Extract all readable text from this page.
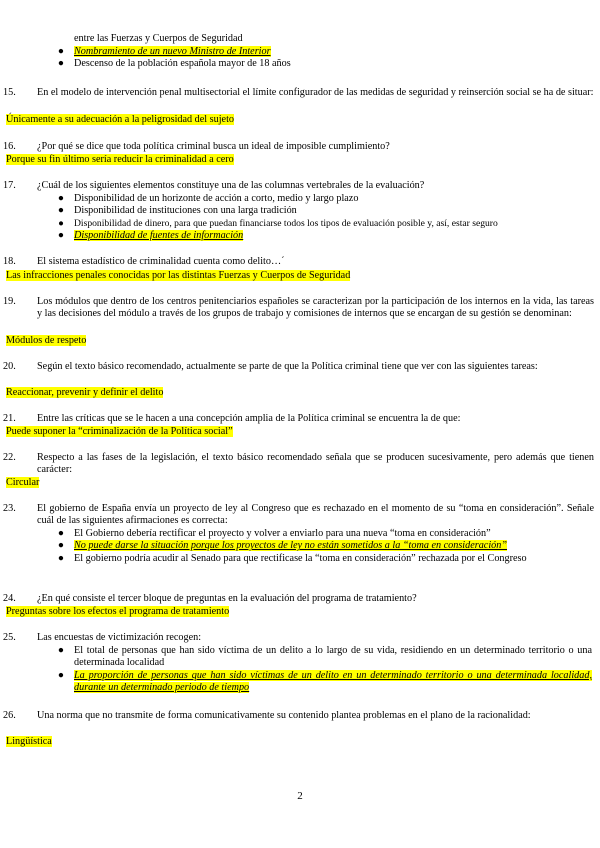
entre las Fuerzas y Cuerpos de Seguridad
● Nombramiento de un nuevo Ministro de Interior
● Descenso de la población española mayor de 18 años
15. En el modelo de intervención penal multisectorial el límite configurador de las medidas de seguridad y reinserción social se ha de situar:
Únicamente a su adecuación a la peligrosidad del sujeto
16. ¿Por qué se dice que toda política criminal busca un ideal de imposible cumplimiento?
Porque su fin último sería reducir la criminalidad a cero
17. ¿Cuál de los siguientes elementos constituye una de las columnas vertebrales de la evaluación?
● Disponibilidad de un horizonte de acción a corto, medio y largo plazo
● Disponibilidad de instituciones con una larga tradición
● Disponibilidad de dinero, para que puedan financiarse todos los tipos de evaluación posible y, así, estar seguro
● Disponibilidad de fuentes de información
18. El sistema estadístico de criminalidad cuenta como delito…´
Las infracciones penales conocidas por las distintas Fuerzas y Cuerpos de Seguridad
19. Los módulos que dentro de los centros penitenciarios españoles se caracterizan por la participación de los internos en la vida, las tareas y las decisiones del módulo a través de los grupos de trabajo y comisiones de internos que se encargan de su gestión se denominan:
Módulos de respeto
20. Según el texto básico recomendado, actualmente se parte de que la Política criminal tiene que ver con las siguientes tareas:
Reaccionar, prevenir y definir el delito
21. Entre las críticas que se le hacen a una concepción amplia de la Política criminal se encuentra la de que:
Puede suponer la “criminalización de la Política social”
22. Respecto a las fases de la legislación, el texto básico recomendado señala que se producen sucesivamente, pero además que tienen carácter:
Circular
23. El gobierno de España envía un proyecto de ley al Congreso que es rechazado en el momento de su “toma en consideración”. Señale cuál de las siguientes afirmaciones es correcta:
● El Gobierno debería rectificar el proyecto y volver a enviarlo para una nueva “toma en consideración”
● No puede darse la situación porque los proyectos de ley no están sometidos a la “toma en consideración”
● El gobierno podría acudir al Senado para que rectificase la “toma en consideración” rechazada por el Congreso
24. ¿En qué consiste el tercer bloque de preguntas en la evaluación del programa de tratamiento?
Preguntas sobre los efectos el programa de tratamiento
25. Las encuestas de victimización recogen:
● El total de personas que han sido víctima de un delito a lo largo de su vida, residiendo en un determinado territorio o una determinada localidad
● La proporción de personas que han sido víctimas de un delito en un determinado territorio o una determinada localidad, durante un determinado periodo de tiempo
26. Una norma que no transmite de forma comunicativamente su contenido plantea problemas en el plano de la racionalidad:
Lingüística
2
